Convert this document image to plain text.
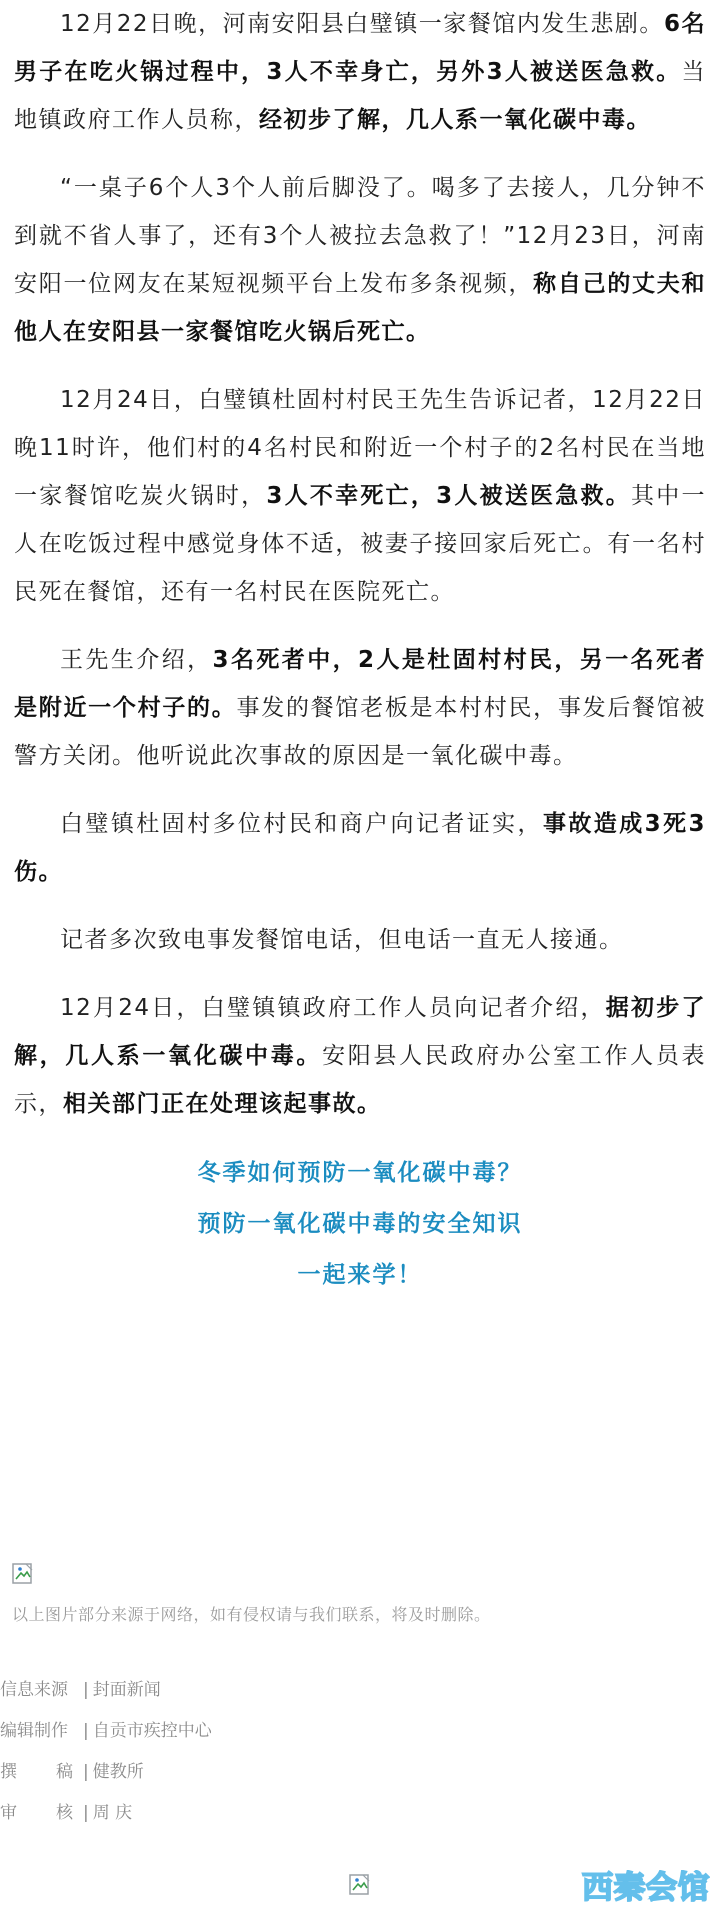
12月22日晚，河南安阳县白璧镇一家餐馆内发生悲剧。6名男子在吃火锅过程中，3人不幸身亡，另外3人被送医急救。当地镇政府工作人员称，经初步了解，几人系一氧化碳中毒。

“一桌子6个人3个人前后脚没了。喝多了去接人，几分钟不到就不省人事了，还有3个人被拉去急救了！”12月23日，河南安阳一位网友在某短视频平台上发布多条视频，称自己的丈夫和他人在安阳县一家餐馆吃火锅后死亡。

12月24日，白璧镇杜固村村民王先生告诉记者，12月22日晚11时许，他们村的4名村民和附近一个村子的2名村民在当地一家餐馆吃炭火锅时，3人不幸死亡，3人被送医急救。其中一人在吃饭过程中感觉身体不适，被妻子接回家后死亡。有一名村民死在餐馆，还有一名村民在医院死亡。

王先生介绍，3名死者中，2人是杜固村村民，另一名死者是附近一个村子的。事发的餐馆老板是本村村民，事发后餐馆被警方关闭。他听说此次事故的原因是一氧化碳中毒。

白璧镇杜固村多位村民和商户向记者证实，事故造成3死3伤。

记者多次致电事发餐馆电话，但电话一直无人接通。

12月24日，白璧镇镇政府工作人员向记者介绍，据初步了解，几人系一氧化碳中毒。安阳县人民政府办公室工作人员表示，相关部门正在处理该起事故。

冬季如何预防一氧化碳中毒？
预防一氧化碳中毒的安全知识
一起来学！
以上图片部分来源于网络，如有侵权请与我们联系，将及时删除。
信息来源 | 封面新闻
编辑制作 | 自贡市疾控中心
撰稿 | 健教所
审核 | 周 庆
西秦会馆
